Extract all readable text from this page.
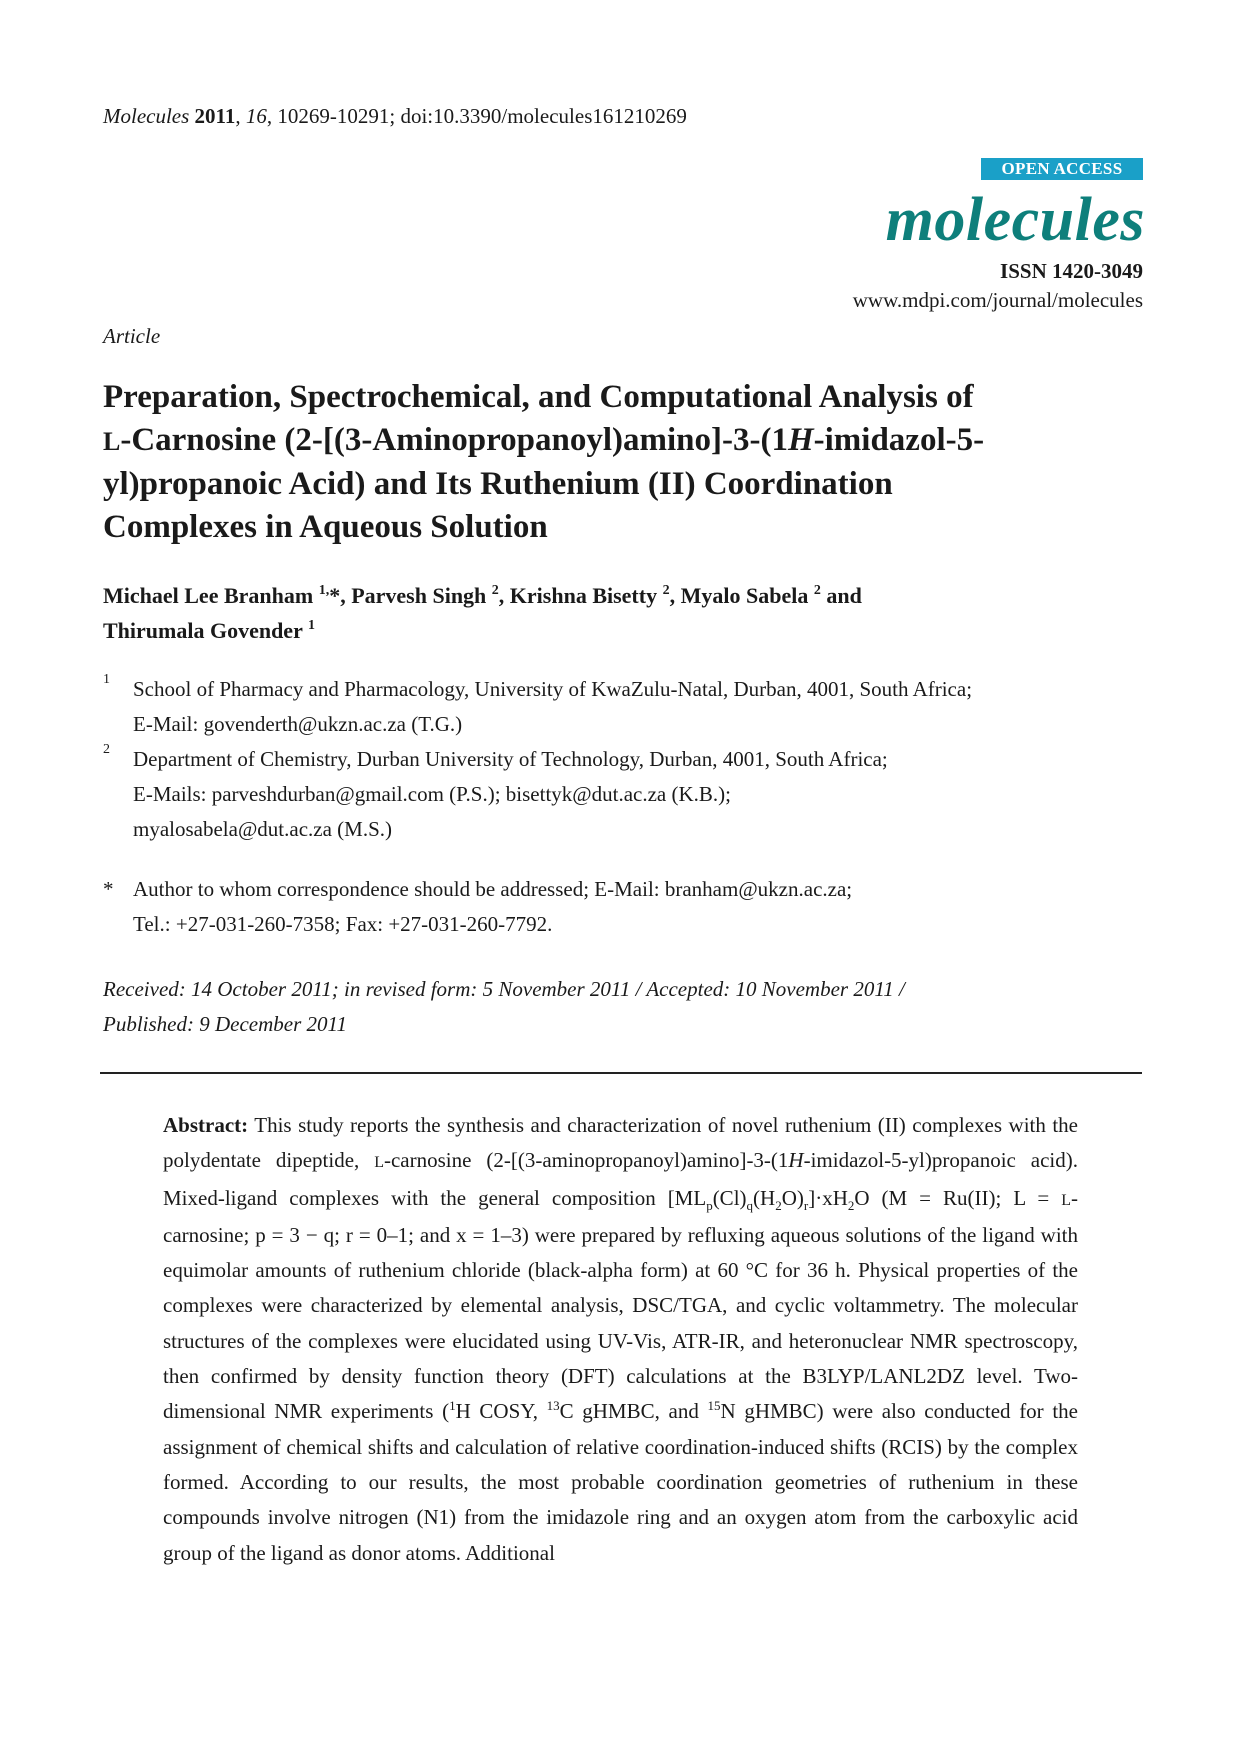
Molecules 2011, 16, 10269-10291; doi:10.3390/molecules161210269
OPEN ACCESS
molecules
ISSN 1420-3049
www.mdpi.com/journal/molecules
Article
Preparation, Spectrochemical, and Computational Analysis of
L-Carnosine (2-[(3-Aminopropanoyl)amino]-3-(1H-imidazol-5-
yl)propanoic Acid) and Its Ruthenium (II) Coordination
Complexes in Aqueous Solution
Michael Lee Branham $^{1,}$*, Parvesh Singh $^2$, Krishna Bisetty $^2$, Myalo Sabela $^2$ and
Thirumala Govender $^1$
1 School of Pharmacy and Pharmacology, University of KwaZulu-Natal, Durban, 4001, South Africa;
E-Mail: govenderth@ukzn.ac.za (T.G.)
2 Department of Chemistry, Durban University of Technology, Durban, 4001, South Africa;
E-Mails: parveshdurban@gmail.com (P.S.); bisettyk@dut.ac.za (K.B.);
myalosabela@dut.ac.za (M.S.)
* Author to whom correspondence should be addressed; E-Mail: branham@ukzn.ac.za;
Tel.: +27-031-260-7358; Fax: +27-031-260-7792.
Received: 14 October 2011; in revised form: 5 November 2011 / Accepted: 10 November 2011 /
Published: 9 December 2011
Abstract: This study reports the synthesis and characterization of novel ruthenium (II) complexes with the polydentate dipeptide, L-carnosine (2-[(3-aminopropanoyl)amino]-3-(1H-imidazol-5-yl)propanoic acid). Mixed-ligand complexes with the general composition $[ML_p(Cl)_q(H_2O)_r]\cdot xH_2O$ (M = Ru(II); L = L-carnosine; p = 3 − q; r = 0–1; and x = 1–3) were prepared by refluxing aqueous solutions of the ligand with equimolar amounts of ruthenium chloride (black-alpha form) at 60 °C for 36 h. Physical properties of the complexes were characterized by elemental analysis, DSC/TGA, and cyclic voltammetry. The molecular structures of the complexes were elucidated using UV-Vis, ATR-IR, and heteronuclear NMR spectroscopy, then confirmed by density function theory (DFT) calculations at the B3LYP/LANL2DZ level. Two-dimensional NMR experiments ($^1$H COSY, $^{13}$C gHMBC, and $^{15}$N gHMBC) were also conducted for the assignment of chemical shifts and calculation of relative coordination-induced shifts (RCIS) by the complex formed. According to our results, the most probable coordination geometries of ruthenium in these compounds involve nitrogen (N1) from the imidazole ring and an oxygen atom from the carboxylic acid group of the ligand as donor atoms. Additional
